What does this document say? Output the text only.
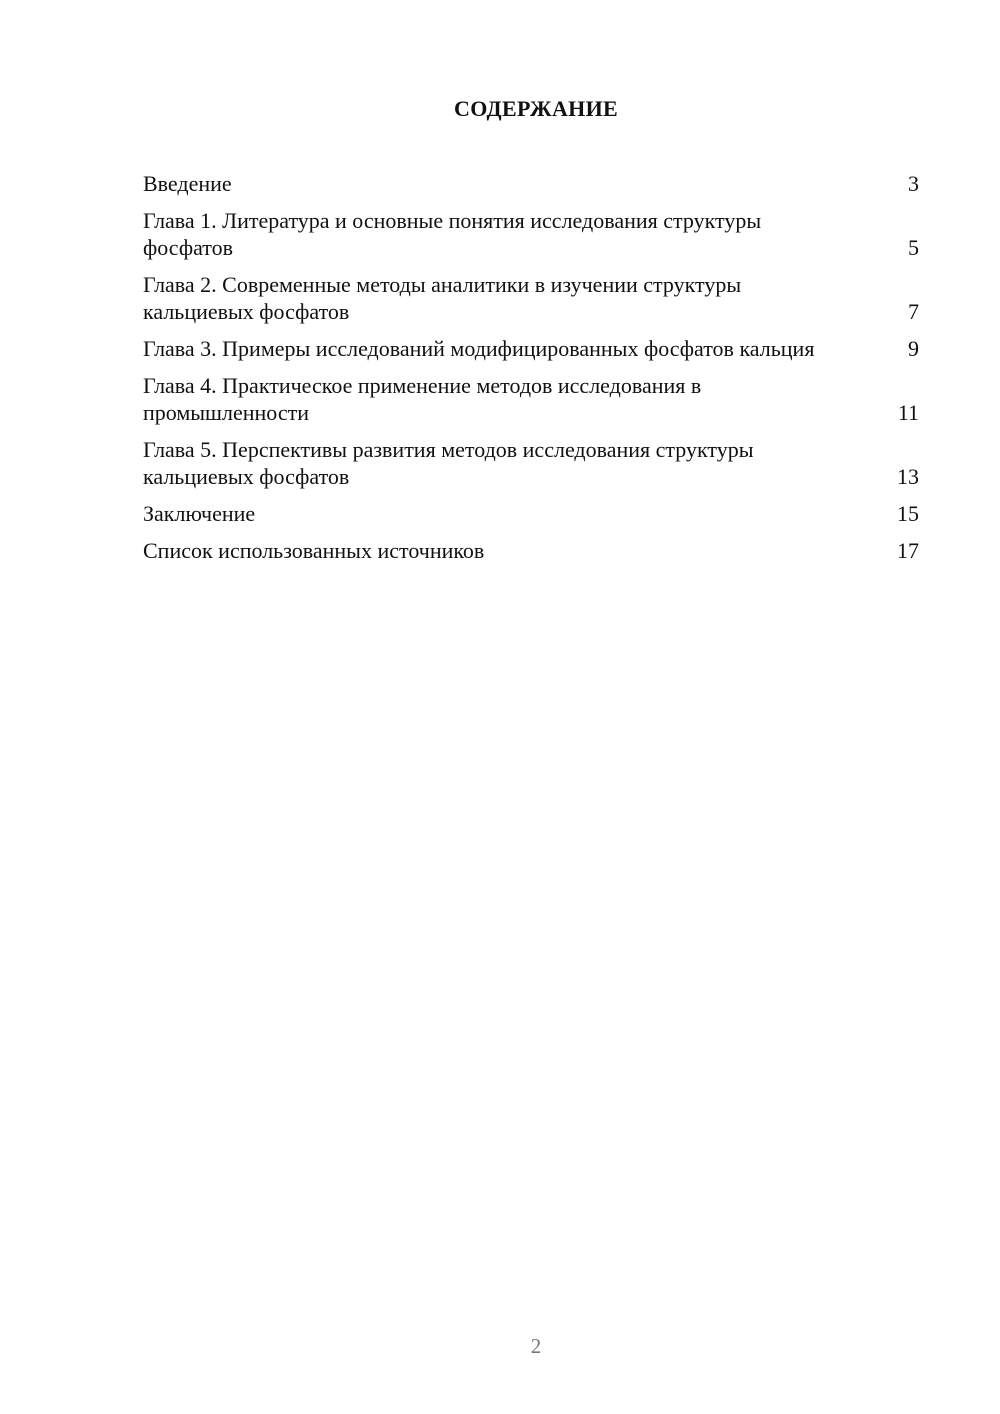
СОДЕРЖАНИЕ
Введение	3
Глава 1. Литература и основные понятия исследования структуры фосфатов	5
Глава 2. Современные методы аналитики в изучении структуры кальциевых фосфатов	7
Глава 3. Примеры исследований модифицированных фосфатов кальция	9
Глава 4. Практическое применение методов исследования в промышленности	11
Глава 5. Перспективы развития методов исследования структуры кальциевых фосфатов	13
Заключение	15
Список использованных источников	17
2
